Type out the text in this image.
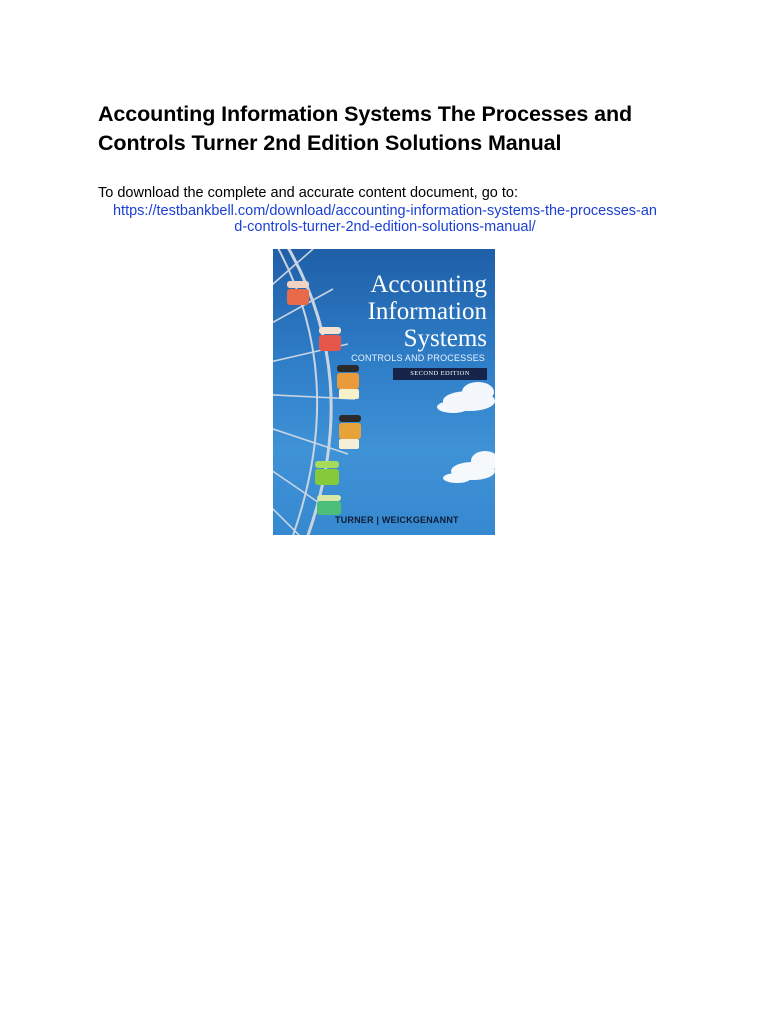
Accounting Information Systems The Processes and Controls Turner 2nd Edition Solutions Manual

To download the complete and accurate content document, go to:

https://testbankbell.com/download/accounting-information-systems-the-processes-an
d-controls-turner-2nd-edition-solutions-manual/
Accounting
Information
Systems
CONTROLS AND PROCESSES
SECOND EDITION
TURNER | WEICKGENANNT
